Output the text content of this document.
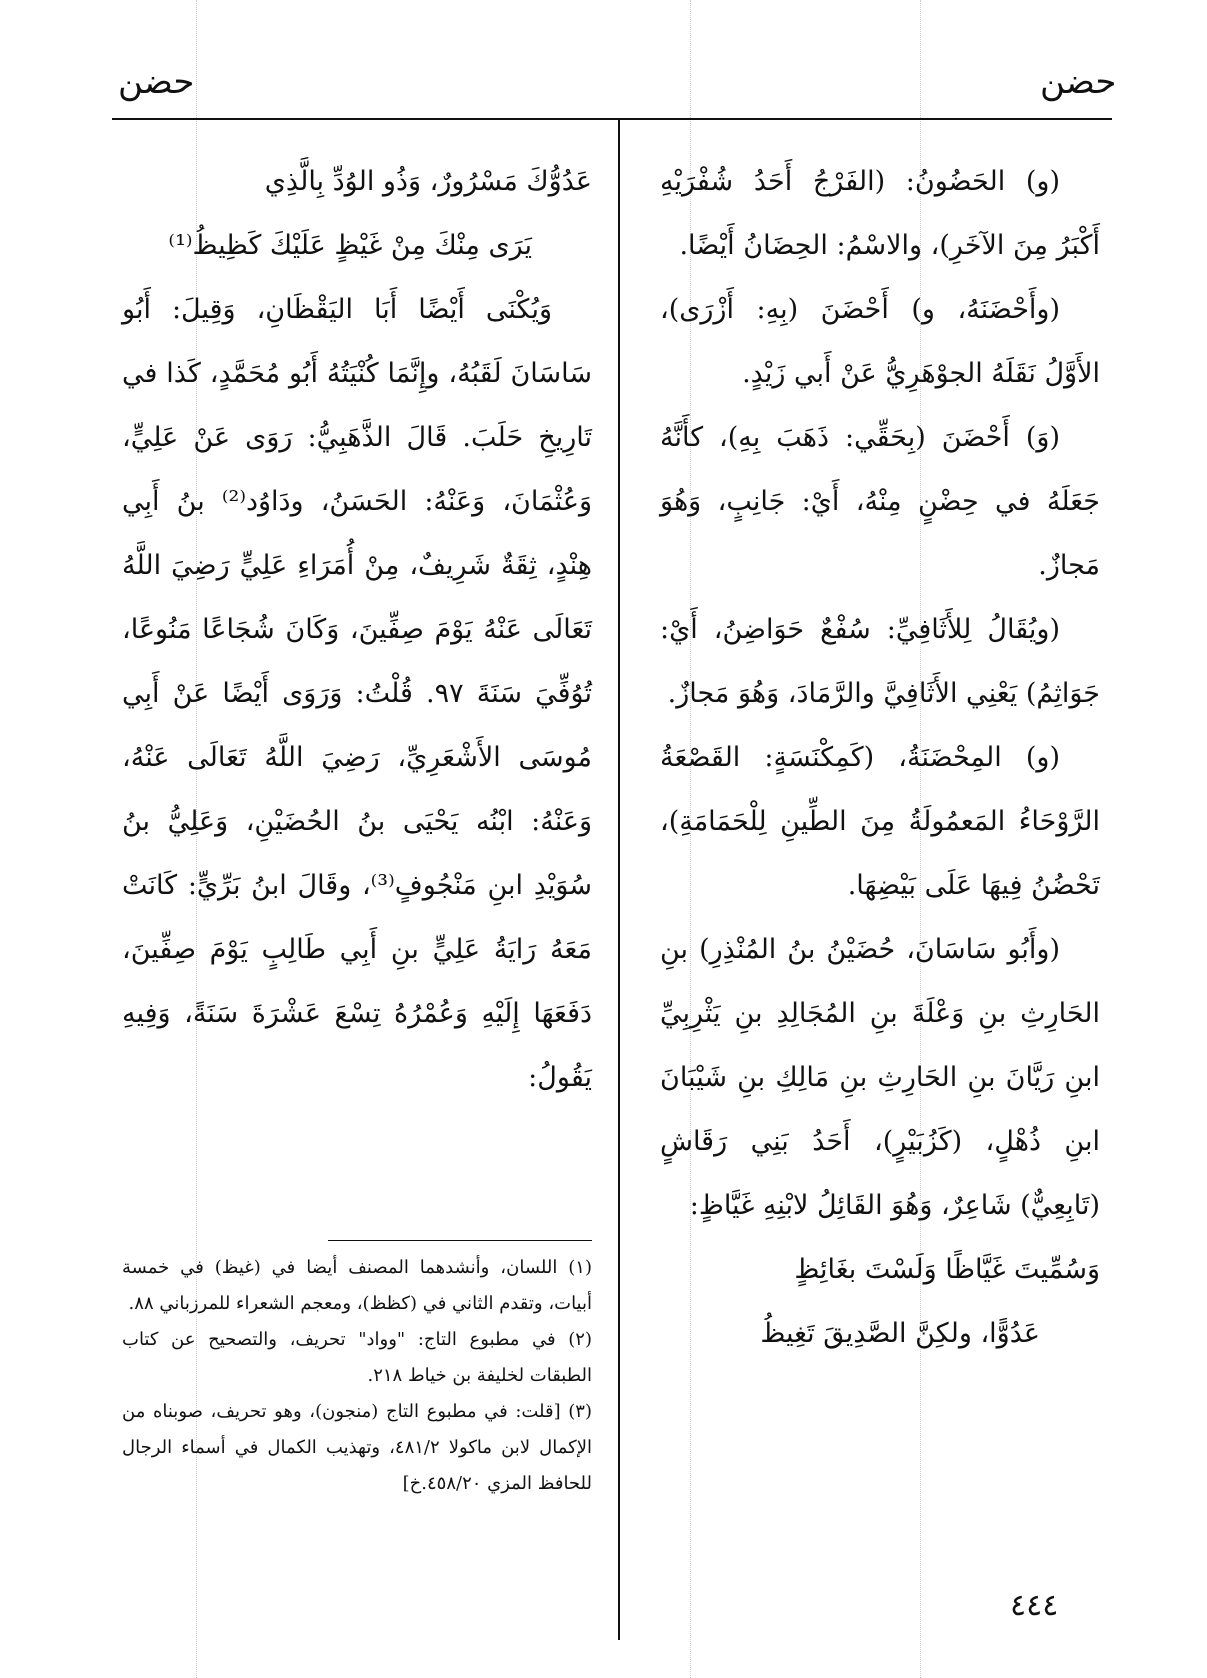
حضن	حضن

(و) الحَضُونُ: (الفَرْجُ أَحَدُ شُفْرَيْهِ أَكْبَرُ مِنَ الآخَرِ)، والاسْمُ: الحِضَانُ أَيْضًا.

(وأَحْضَنَهُ، و) أَحْضَنَ (بِهِ: أَزْرَى)، الأَوَّلُ نَقَلَهُ الجوْهَرِيُّ عَنْ أَبي زَيْدٍ.

(وَ) أَحْضَنَ (بِحَقِّي: ذَهَبَ بِهِ)، كأَنَّهُ جَعَلَهُ في حِضْنٍ مِنْهُ، أَيْ: جَانِبٍ، وَهُوَ مَجازٌ.

(ويُقَالُ لِلأَثَافِيِّ: سُفْعٌ حَوَاضِنُ، أَيْ: جَوَاثِمُ) يَعْنِي الأَثَافِيَّ والرَّمَادَ، وَهُوَ مَجازٌ.

(و) المِحْضَنَةُ، (كَمِكْنَسَةٍ: القَصْعَةُ الرَّوْحَاءُ المَعمُولَةُ مِنَ الطِّينِ لِلْحَمَامَةِ)، تَحْضُنُ فِيهَا عَلَى بَيْضِهَا.

(وأَبُو سَاسَانَ، حُضَيْنُ بنُ المُنْذِرِ) بنِ الحَارِثِ بنِ وَعْلَةَ بنِ المُجَالِدِ بنِ يَثْرِبِيِّ ابنِ رَيَّانَ بنِ الحَارِثِ بنِ مَالِكِ بنِ شَيْبَانَ ابنِ ذُهْلٍ، (كَزُبَيْرٍ)، أَحَدُ بَنِي رَقَاشٍ (تَابِعِيٌّ) شَاعِرٌ، وَهُوَ القَائِلُ لابْنِهِ غَيَّاظٍ:

وَسُمِّيتَ غَيَّاظًا وَلَسْتَ بغَائِظٍ

عَدُوًّا، ولكِنَّ الصَّدِيقَ تَغِيظُ

عَدُوُّكَ مَسْرُورٌ، وَذُو الوُدِّ بِالَّذِي

يَرَى مِنْكَ مِنْ غَيْظٍ عَلَيْكَ كَظِيظُ⁽¹⁾

وَيُكْنَى أَيْضًا أَبَا اليَقْظَانِ، وَقِيلَ: أَبُو سَاسَانَ لَقَبُهُ، وإِنَّمَا كُنْيَتُهُ أَبُو مُحَمَّدٍ، كَذا في تَارِيخِ حَلَبَ. قَالَ الذَّهَبِيُّ: رَوَى عَنْ عَلِيٍّ، وَعُثْمَانَ، وَعَنْهُ: الحَسَنُ، ودَاوُد⁽²⁾ بنُ أَبِي هِنْدٍ، ثِقَةٌ شَرِيفٌ، مِنْ أُمَرَاءِ عَلِيٍّ رَضِيَ اللَّهُ تَعَالَى عَنْهُ يَوْمَ صِفِّينَ، وَكَانَ شُجَاعًا مَنُوعًا، تُوُفِّيَ سَنَةَ ٩٧. قُلْتُ: وَرَوَى أَيْضًا عَنْ أَبِي مُوسَى الأَشْعَرِيِّ، رَضِيَ اللَّهُ تَعَالَى عَنْهُ، وَعَنْهُ: ابْنُه يَحْيَى بنُ الحُضَيْنِ، وَعَلِيُّ بنُ سُوَيْدِ ابنِ مَنْجُوفٍ⁽³⁾، وقَالَ ابنُ بَرِّيٍّ: كَانَتْ مَعَهُ رَايَةُ عَلِيٍّ بنِ أَبِي طَالِبٍ يَوْمَ صِفِّينَ، دَفَعَهَا إِلَيْهِ وَعُمْرُهُ تِسْعَ عَشْرَةَ سَنَةً، وَفِيهِ يَقُولُ:

(١) اللسان، وأنشدهما المصنف أيضا في (غيظ) في خمسة أبيات، وتقدم الثاني في (كظظ)، ومعجم الشعراء للمرزباني ٨٨.

(٢) في مطبوع التاج: "وواد" تحريف، والتصحيح عن كتاب الطبقات لخليفة بن خياط ٢١٨.

(٣) [قلت: في مطبوع التاج (منجون)، وهو تحريف، صوبناه من الإكمال لابن ماكولا ٤٨١/٢، وتهذيب الكمال في أسماء الرجال للحافظ المزي ٤٥٨/٢٠.خ]

٤٤٤
